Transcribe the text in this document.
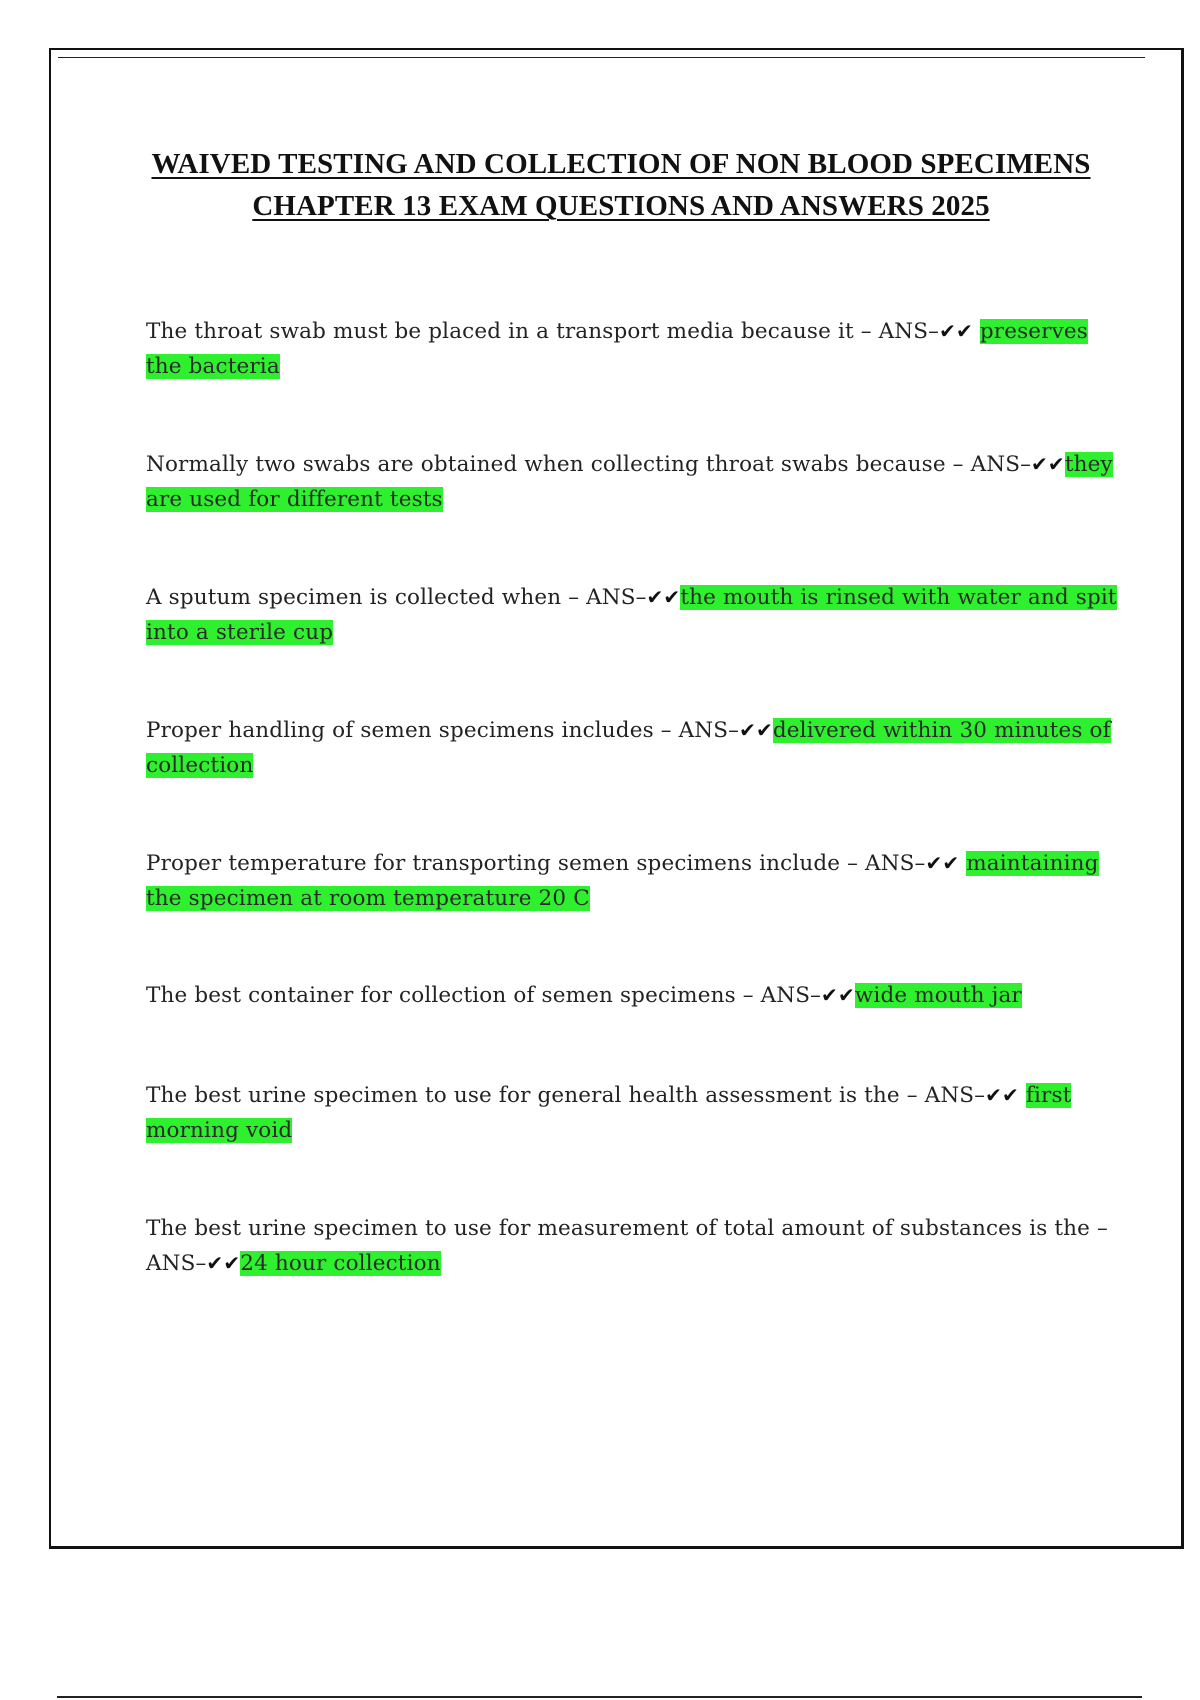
WAIVED TESTING AND COLLECTION OF NON BLOOD SPECIMENS
CHAPTER 13 EXAM QUESTIONS AND ANSWERS 2025
The throat swab must be placed in a transport media because it – ANS–✔✔ preserves the bacteria
Normally two swabs are obtained when collecting throat swabs because – ANS–✔✔they are used for different tests
A sputum specimen is collected when – ANS–✔✔the mouth is rinsed with water and spit into a sterile cup
Proper handling of semen specimens includes – ANS–✔✔delivered within 30 minutes of collection
Proper temperature for transporting semen specimens include – ANS–✔✔ maintaining the specimen at room temperature 20 C
The best container for collection of semen specimens – ANS–✔✔wide mouth jar
The best urine specimen to use for general health assessment is the – ANS–✔✔ first morning void
The best urine specimen to use for measurement of total amount of substances is the – ANS–✔✔24 hour collection
